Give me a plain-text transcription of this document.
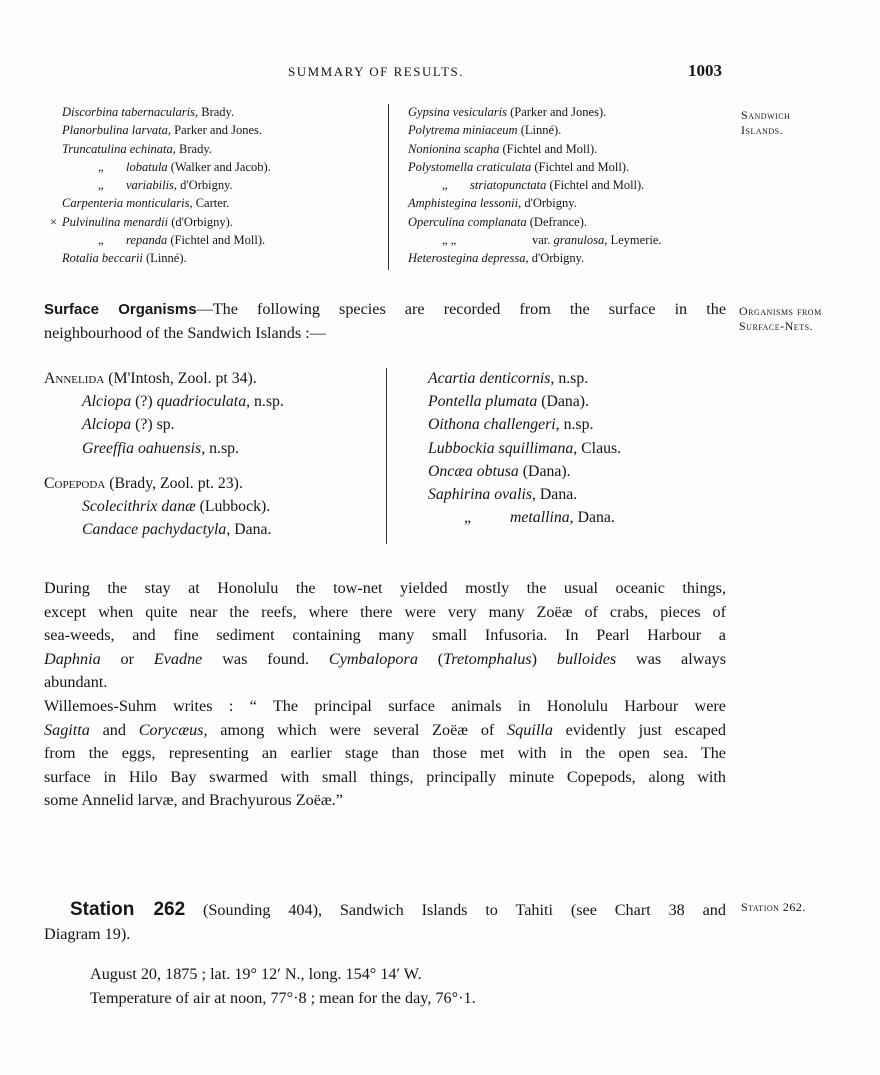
SUMMARY OF RESULTS.	1003
Sandwich
Islands.
Organisms from
Surface-Nets.
Station 262.
Discorbina tabernacularis, Brady.
Planorbulina larvata, Parker and Jones.
Truncatulina echinata, Brady.
„ lobatula (Walker and Jacob).
„ variabilis, d'Orbigny.
Carpenteria monticularis, Carter.
× Pulvinulina menardii (d'Orbigny).
„ repanda (Fichtel and Moll).
Rotalia beccarii (Linné).
Gypsina vesicularis (Parker and Jones).
Polytrema miniaceum (Linné).
Nonionina scapha (Fichtel and Moll).
Polystomella craticulata (Fichtel and Moll).
„ striatopunctata (Fichtel and Moll).
Amphistegina lessonii, d'Orbigny.
Operculina complanata (Defrance).
„ „	var. granulosa, Leymerie.
Heterostegina depressa, d'Orbigny.
Surface Organisms—The following species are recorded from the surface in the
neighbourhood of the Sandwich Islands :—
Annelida (M'Intosh, Zool. pt 34).
Alciopa (?) quadrioculata, n.sp.
Alciopa (?) sp.
Greeffia oahuensis, n.sp.
Copepoda (Brady, Zool. pt. 23).
Scolecithrix danæ (Lubbock).
Candace pachydactyla, Dana.
Acartia denticornis, n.sp.
Pontella plumata (Dana).
Oithona challengeri, n.sp.
Lubbockia squillimana, Claus.
Oncæa obtusa (Dana).
Saphirina ovalis, Dana.
„ metallina, Dana.
During the stay at Honolulu the tow-net yielded mostly the usual oceanic things,
except when quite near the reefs, where there were very many Zoëæ of crabs, pieces of
sea-weeds, and fine sediment containing many small Infusoria. In Pearl Harbour a
Daphnia or Evadne was found. Cymbalopora (Tretomphalus) bulloides was always
abundant.
Willemoes-Suhm writes : “ The principal surface animals in Honolulu Harbour were
Sagitta and Corycæus, among which were several Zoëæ of Squilla evidently just escaped
from the eggs, representing an earlier stage than those met with in the open sea. The
surface in Hilo Bay swarmed with small things, principally minute Copepods, along with
some Annelid larvæ, and Brachyurous Zoëæ.”
Station 262 (Sounding 404), Sandwich Islands to Tahiti (see Chart 38 and
Diagram 19).
August 20, 1875 ; lat. 19° 12′ N., long. 154° 14′ W.
Temperature of air at noon, 77°·8 ; mean for the day, 76°·1.
